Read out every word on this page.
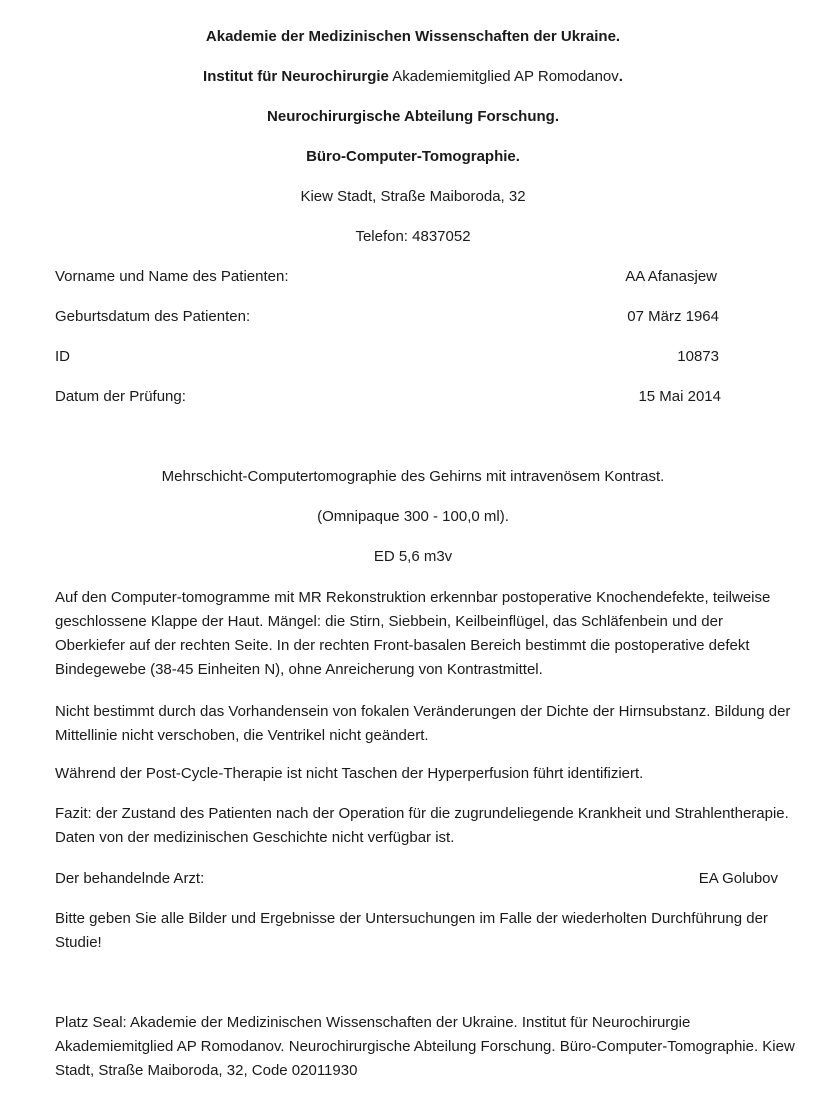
Akademie der Medizinischen Wissenschaften der Ukraine.
Institut für Neurochirurgie Akademiemitglied AP Romodanov.
Neurochirurgische Abteilung Forschung.
Büro-Computer-Tomographie.
Kiew Stadt, Straße Maiboroda, 32
Telefon: 4837052
Vorname und Name des Patienten:	AA Afanasjew
Geburtsdatum des Patienten:	07 März 1964
ID	10873
Datum der Prüfung:	15 Mai 2014
Mehrschicht-Computertomographie des Gehirns mit intravenösem Kontrast.
(Omnipaque 300 - 100,0 ml).
ED 5,6 m3v
Auf den Computer-tomogramme mit MR Rekonstruktion erkennbar postoperative Knochendefekte, teilweise geschlossene Klappe der Haut. Mängel: die Stirn, Siebbein, Keilbeinflügel, das Schläfenbein und der Oberkiefer auf der rechten Seite. In der rechten Front-basalen Bereich bestimmt die postoperative defekt Bindegewebe (38-45 Einheiten N), ohne Anreicherung von Kontrastmittel.
Nicht bestimmt durch das Vorhandensein von fokalen Veränderungen der Dichte der Hirnsubstanz. Bildung der Mittellinie nicht verschoben, die Ventrikel nicht geändert.
Während der Post-Cycle-Therapie ist nicht Taschen der Hyperperfusion führt identifiziert.
Fazit: der Zustand des Patienten nach der Operation für die zugrundeliegende Krankheit und Strahlentherapie. Daten von der medizinischen Geschichte nicht verfügbar ist.
Der behandelnde Arzt:	EA Golubov
Bitte geben Sie alle Bilder und Ergebnisse der Untersuchungen im Falle der wiederholten Durchführung der Studie!
Platz Seal: Akademie der Medizinischen Wissenschaften der Ukraine. Institut für Neurochirurgie Akademiemitglied AP Romodanov. Neurochirurgische Abteilung Forschung. Büro-Computer-Tomographie. Kiew Stadt, Straße Maiboroda, 32, Code 02011930
